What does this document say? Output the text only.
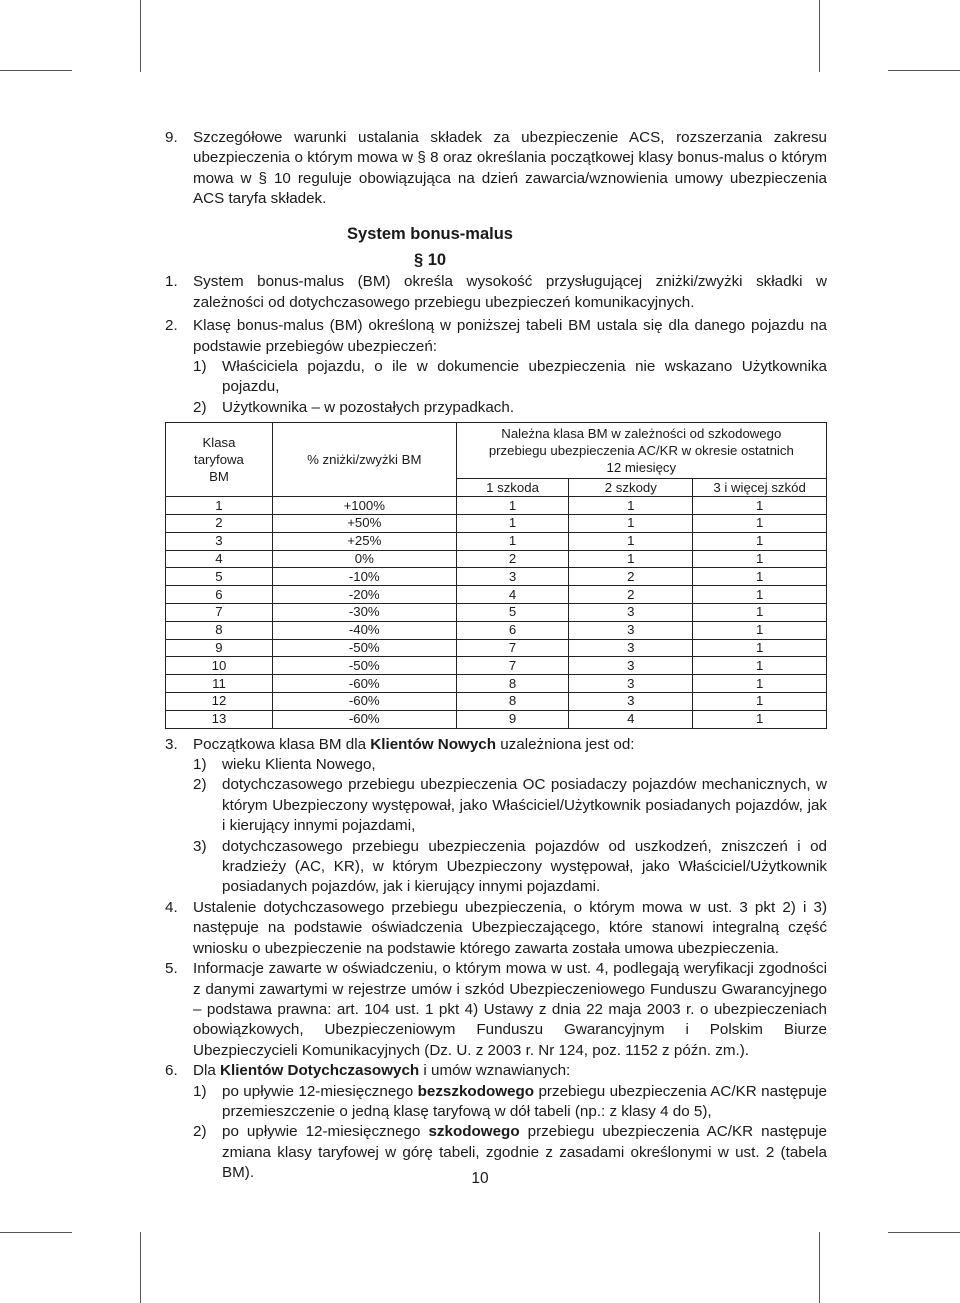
9. Szczegółowe warunki ustalania składek za ubezpieczenie ACS, rozszerzania zakresu ubezpieczenia o którym mowa w § 8 oraz określania początkowej klasy bonus-malus o którym mowa w § 10 reguluje obowiązująca na dzień zawarcia/wznowienia umowy ubezpieczenia ACS taryfa składek.
System bonus-malus
§ 10
1. System bonus-malus (BM) określa wysokość przysługującej zniżki/zwyżki składki w zależności od dotychczasowego przebiegu ubezpieczeń komunikacyjnych.
2. Klasę bonus-malus (BM) określoną w poniższej tabeli BM ustala się dla danego pojazdu na podstawie przebiegów ubezpieczeń:
1) Właściciela pojazdu, o ile w dokumencie ubezpieczenia nie wskazano Użytkownika pojazdu,
2) Użytkownika – w pozostałych przypadkach.
Klasa taryfowa BM	% zniżki/zwyżki BM	Należna klasa BM w zależności od szkodowego przebiegu ubezpieczenia AC/KR w okresie ostatnich 12 miesięcy		
		1 szkoda	2 szkody	3 i więcej szkód
1	+100%	1	1	1
2	+50%	1	1	1
3	+25%	1	1	1
4	0%	2	1	1
5	-10%	3	2	1
6	-20%	4	2	1
7	-30%	5	3	1
8	-40%	6	3	1
9	-50%	7	3	1
10	-50%	7	3	1
11	-60%	8	3	1
12	-60%	8	3	1
13	-60%	9	4	1
3. Początkowa klasa BM dla Klientów Nowych uzależniona jest od:
1) wieku Klienta Nowego,
2) dotychczasowego przebiegu ubezpieczenia OC posiadaczy pojazdów mechanicznych, w którym Ubezpieczony występował, jako Właściciel/Użytkownik posiadanych pojazdów, jak i kierujący innymi pojazdami,
3) dotychczasowego przebiegu ubezpieczenia pojazdów od uszkodzeń, zniszczeń i od kradzieży (AC, KR), w którym Ubezpieczony występował, jako Właściciel/Użytkownik posiadanych pojazdów, jak i kierujący innymi pojazdami.
4. Ustalenie dotychczasowego przebiegu ubezpieczenia, o którym mowa w ust. 3 pkt 2) i 3) następuje na podstawie oświadczenia Ubezpieczającego, które stanowi integralną część wniosku o ubezpieczenie na podstawie którego zawarta została umowa ubezpieczenia.
5. Informacje zawarte w oświadczeniu, o którym mowa w ust. 4, podlegają weryfikacji zgodności z danymi zawartymi w rejestrze umów i szkód Ubezpieczeniowego Funduszu Gwarancyjnego – podstawa prawna: art. 104 ust. 1 pkt 4) Ustawy z dnia 22 maja 2003 r. o ubezpieczeniach obowiązkowych, Ubezpieczeniowym Funduszu Gwarancyjnym i Polskim Biurze Ubezpieczycieli Komunikacyjnych (Dz. U. z 2003 r. Nr 124, poz. 1152 z późn. zm.).
6. Dla Klientów Dotychczasowych i umów wznawianych:
1) po upływie 12-miesięcznego bezszkodowego przebiegu ubezpieczenia AC/KR następuje przemieszczenie o jedną klasę taryfową w dół tabeli (np.: z klasy 4 do 5),
2) po upływie 12-miesięcznego szkodowego przebiegu ubezpieczenia AC/KR następuje zmiana klasy taryfowej w górę tabeli, zgodnie z zasadami określonymi w ust. 2 (tabela BM).	10
